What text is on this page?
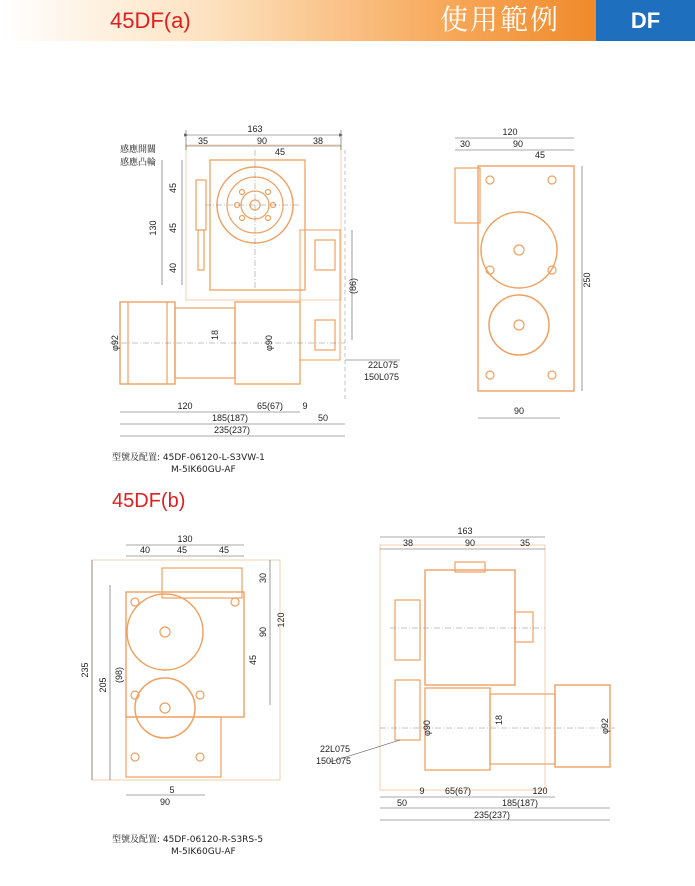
45DF(a)	使用範例	DF
163
35	90
45
38
45
130 45
40
(86)
φ92
18
φ90
22L075
150L075
120	65(67) 9
185(187)	50
235(237)
120
30	90
45
250
90
感應開關
感應凸輪
130
40	45	45
30
90
120
45
235
205
(98)
5
90
163
38	90	35
φ90
18	φ92
22L075
150L075
9 65(67)	120
50	185(187)
235(237)
型號及配置: 45DF-06120-L-S3VW-1
M-5IK60GU-AF
45DF(b)
型號及配置: 45DF-06120-R-S3RS-5
M-5IK60GU-AF
